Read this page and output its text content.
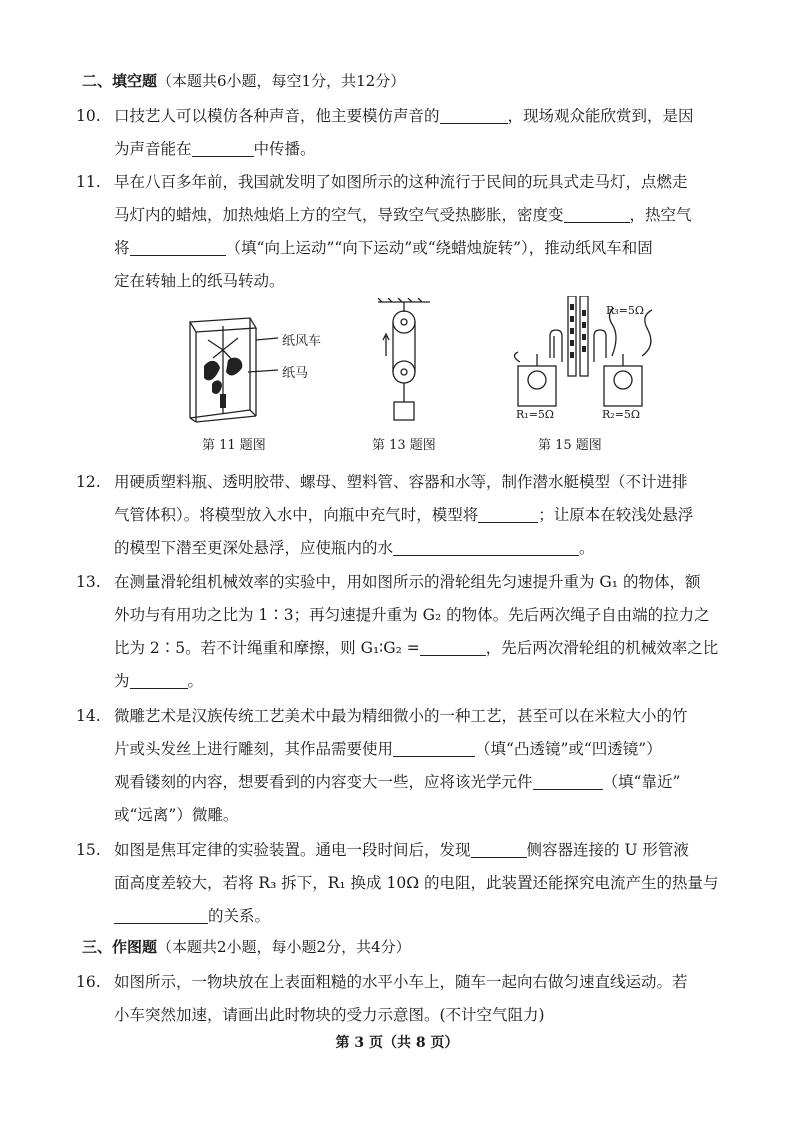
二、填空题（本题共6小题，每空1分，共12分）
10. 口技艺人可以模仿各种声音，他主要模仿声音的	，现场观众能欣赏到，是因
为声音能在	中传播。
11. 早在八百多年前，我国就发明了如图所示的这种流行于民间的玩具式走马灯，点燃走
马灯内的蜡烛，加热烛焰上方的空气，导致空气受热膨胀，密度变	，热空气
将	（填“向上运动”“向下运动”或“绕蜡烛旋转”），推动纸风车和固
定在转轴上的纸马转动。
纸风车
纸马
第 11 题图	第 13 题图
R₃=5Ω
R₁=5Ω	R₂=5Ω
第 15 题图
12. 用硬质塑料瓶、透明胶带、螺母、塑料管、容器和水等，制作潜水艇模型（不计进排
气管体积）。将模型放入水中，向瓶中充气时，模型将	；让原本在较浅处悬浮
的模型下潜至更深处悬浮，应使瓶内的水	。
13. 在测量滑轮组机械效率的实验中，用如图所示的滑轮组先匀速提升重为 G₁ 的物体，额
外功与有用功之比为 1∶3；再匀速提升重为 G₂ 的物体。先后两次绳子自由端的拉力之
比为 2∶5。若不计绳重和摩擦，则 G₁∶G₂ =	，先后两次滑轮组的机械效率之比
为	。
14. 微雕艺术是汉族传统工艺美术中最为精细微小的一种工艺，甚至可以在米粒大小的竹
片或头发丝上进行雕刻，其作品需要使用	（填“凸透镜”或“凹透镜”）
观看镂刻的内容，想要看到的内容变大一些，应将该光学元件	（填“靠近”
或“远离”）微雕。
15. 如图是焦耳定律的实验装置。通电一段时间后，发现	侧容器连接的 U 形管液
面高度差较大，若将 R₃ 拆下，R₁ 换成 10Ω 的电阻，此装置还能探究电流产生的热量与
的关系。
三、作图题（本题共2小题，每小题2分，共4分）
16. 如图所示，一物块放在上表面粗糙的水平小车上，随车一起向右做匀速直线运动。若
小车突然加速，请画出此时物块的受力示意图。(不计空气阻力)
第 3 页（共 8 页）
